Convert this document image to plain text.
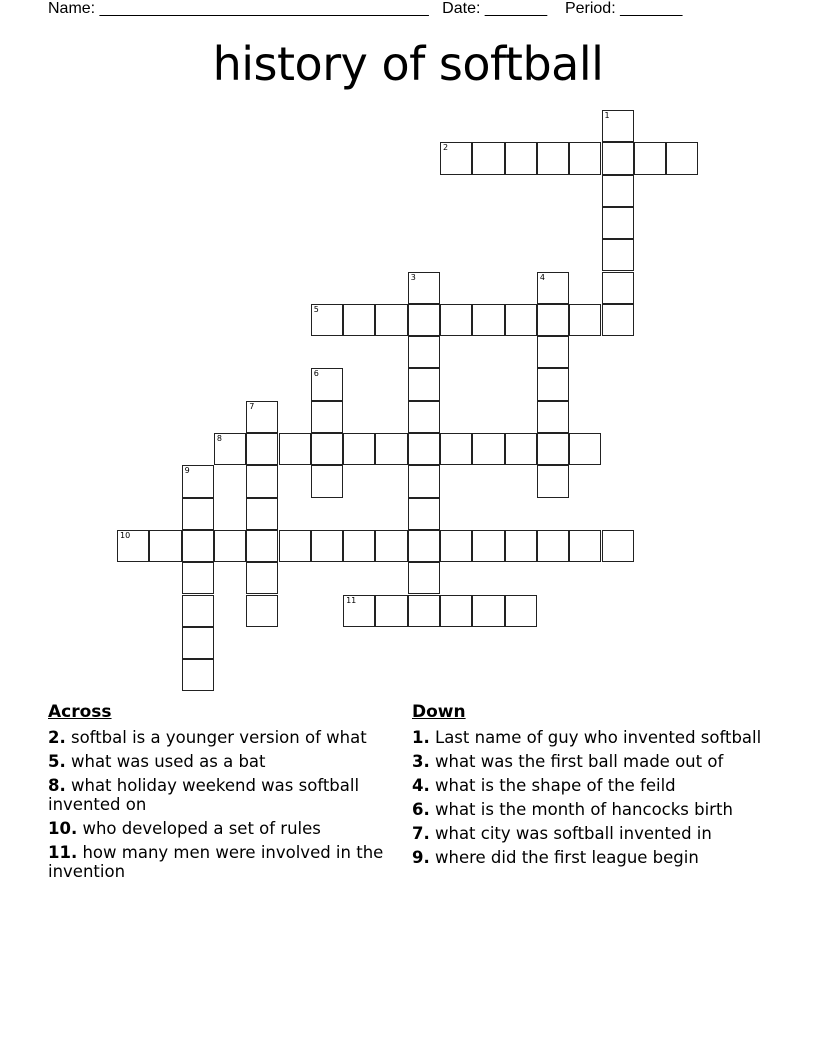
Name: _____________________________________ Date: _______ Period: _______
history of softball
1
2
3	4
5
6
7
8
9
10
11
Across
2. softbal is a younger version of what
5. what was used as a bat
8. what holiday weekend was softball invented on
10. who developed a set of rules
11. how many men were involved in the invention
Down
1. Last name of guy who invented softball
3. what was the first ball made out of
4. what is the shape of the feild
6. what is the month of hancocks birth
7. what city was softball invented in
9. where did the first league begin
